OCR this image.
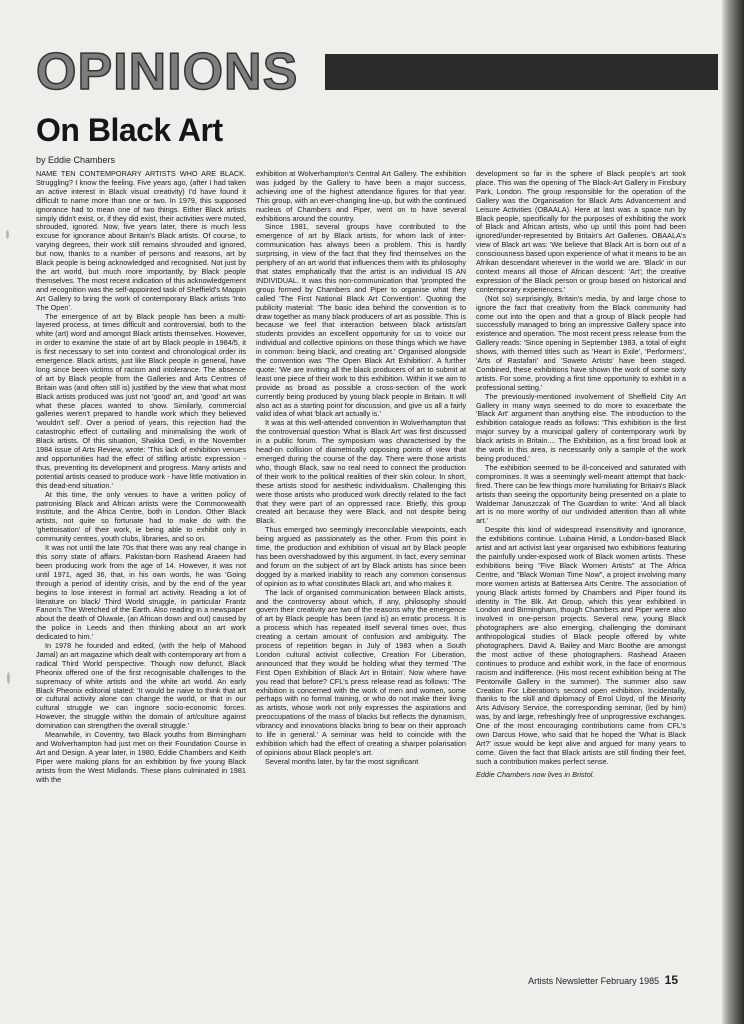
OPINIONS
On Black Art
by Eddie Chambers

NAME TEN CONTEMPORARY ARTISTS WHO ARE BLACK. Struggling? I know the feeling. Five years ago, (after I had taken an active interest in Black visual creativity) I'd have found it difficult to name more than one or two. In 1979, this supposed ignorance had to mean one of two things. Either Black artists simply didn't exist, or, if they did exist, their activities were muted, shrouded, ignored. Now, five years later, there is much less excuse for ignorance about Britain's Black artists. Of course, to varying degrees, their work still remains shrouded and ignored, but now, thanks to a number of persons and reasons, art by Black people is being acknowledged and recognised. Not just by the art world, but much more importantly, by Black people themselves. The most recent indication of this acknowledgement and recognition was the self-appointed task of Sheffield's Mappin Art Gallery to bring the work of contemporary Black artists 'Into The Open'.

The emergence of art by Black people has been a multi-layered process, at times difficult and controversial, both to the white (art) word and amongst Black artists themselves. However, in order to examine the state of art by Black people in 1984/5, it is first necessary to set into context and chronological order its emergence. Black artists, just like Black people in general, have long since been victims of racism and intolerance. The absence of art by Black people from the Galleries and Arts Centres of Britain was (and often still is) justified by the view that what most Black artists produced was just not 'good' art, and 'good' art was what these places wanted to show. Similarly, commercial galleries weren't prepared to handle work which they believed 'wouldn't sell'. Over a period of years, this rejection had the catastrophic effect of curtailing and minimalising the work of Black artists. Of this situation, Shakka Dedi, in the November 1984 issue of Arts Review, wrote: 'This lack of exhibition venues and opportunities had the effect of stifling artistic expression - thus, preventing its development and progress. Many artists and potential artists ceased to produce work - have little motivation in this dead-end situation.'

At this time, the only venues to have a written policy of patronising Black and African artists were the Commonwealth Institute, and the Africa Centre, both in London. Other Black artists, not quite so fortunate had to make do with the 'ghettoisation' of their work, ie being able to exhibit only in community centres, youth clubs, libraries, and so on.

It was not until the late 70s that there was any real change in this sorry state of affairs. Pakistan-born Rashead Araeen had been producing work from the age of 14. However, it was not until 1971, aged 36, that, in his own words, he was 'Going through a period of identity crisis, and by the end of the year begins to lose interest in formal art activity. Reading a lot of literature on black/ Third World struggle, in particular Frantz Fanon's The Wretched of the Earth. Also reading in a newspaper about the death of Oluwale, (an African down and out) caused by the police in Leeds and then thinking about an art work dedicated to him.'

In 1978 he founded and edited, (with the help of Mahood Jamal) an art magazine which dealt with contemporary art from a radical Third World perspective. Though now defunct, Black Pheonix offered one of the first recognisable challenges to the supremacy of white artists and the white art world. An early Black Pheonix editorial stated: 'It would be naive to think that art or cultural activity alone can change the world, or that in our cultural struggle we can ingnore socio-economic forces. However, the struggle within the domain of art/culture against domination can strengthen the overall struggle.'

Meanwhile, in Coventry, two Black youths from Birmingham and Wolverhampton had just met on their Foundation Course in Art and Design. A year later, in 1980, Eddie Chambers and Keith Piper were making plans for an exhibition by five young Black artists from the West Midlands. These plans culminated in 1981 with the

exhibition at Wolverhampton's Central Art Gallery. The exhibition was judged by the Gallery to have been a major success, achieving one of the highest attendance figures for that year. This group, with an ever-changing line-up, but with the continued nucleus of Chambers and Piper, went on to have several exhibitions around the country.

Since 1981, several groups have contributed to the emergence of art by Black artists, for whom lack of inter-communication has always been a problem. This is hardly surprising, in view of the fact that they find themselves on the periphery of an art world that influences them with its philosophy that states emphatically that the artist is an individual IS AN INDIVIDUAL. It was this non-communication that 'prompted the group formed by Chambers and Piper to organise what they called 'The First National Black Art Convention'. Quoting the publicity material: 'The basic idea behind the convention is to draw together as many black producers of art as possible. This is because we feel that interaction between black artists/art students provides an excellent opportunity for us to voice our individual and collective opinions on those things which we have in common: being black, and creating art.' Organised alongside the convention was 'The Open Black Art Exhibition'. A further quote: 'We are inviting all the black producers of art to submit at least one piece of their work to this exhibition. Within it we aim to provide as broad as possible a cross-section of the work currently being produced by young black people in Britain. It will also act as a starting point for discussion, and give us all a fairly valid idea of what 'black art actually is.'

It was at this well-attended convention in Wolverhampton that the controversial question 'What is Black Art' was first discussed in a public forum. The symposium was characterised by the head-on collision of diametrically opposing points of view that emerged during the course of the day. There were those artists who, though Black, saw no real need to connect the production of their work to the political realities of their skin colour. In short, these artists stood for aesthetic individualism. Challenging this were those artists who produced work directly related to the fact that they were part of an oppressed race. Briefly, this group created art because they were Black, and not despite being Black.

Thus emerged two seemingly irreconcilable viewpoints, each being argued as passionately as the other. From this point in time, the production and exhibition of visual art by Black people has been overshadowed by this argument. In fact, every seminar and forum on the subject of art by Black artists has since been dogged by a marked inability to reach any common consensus of opinion as to what constitutes Black art, and who makes it.

The lack of organised communication between Black artists, and the controversy about which, if any, philosophy should govern their creativity are two of the reasons why the emergence of art by Black people has been (and is) an erratic process. It is a process which has repeated itself several times over, thus creating a certain amount of confusion and ambiguity. The process of repetition began in July of 1983 when a South London cultural activist collective, Creation For Liberation, announced that they would be holding what they termed 'The First Open Exhibition of Black Art in Britain'. Now where have you read that before? CFL's press release read as follows: 'The exhibition is concerned with the work of men and women, some perhaps with no formal training, or who do not make their living as artists, whose work not only expresses the aspirations and preoccupations of the mass of blacks but reflects the dynamism, vibrancy and innovations blacks bring to bear on their approach to life in general.' A seminar was held to coincide with the exhibition which had the effect of creating a sharper polarisation of opinions about Black people's art.

Several months later, by far the most significant

development so far in the sphere of Black people's art took place. This was the opening of The Black-Art Gallery in Finsbury Park, London. The group responsible for the operation of the Gallery was the Organisation for Black Arts Advancement and Leisure Activities (OBAALA). Here at last was a space run by Black people, specifically for the purposes of exhibiting the work of Black and African artists, who up until this point had been ignored/under-represented by Britain's Art Galleries. OBAALA's view of Black art was: 'We believe that Black Art is born out of a consciousness based upon experience of what it means to be an Afrikan descendant wherever in the world we are. 'Black' in our context means all those of African descent: 'Art'; the creative expression of the Black person or group based on historical and contemporary experiences.'

(Not so) surprisingly, Britain's media, by and large chose to ignore the fact that creativity from the Black community had come out into the open and that a group of Black people had successfully managed to bring an impressive Gallery space into existence and operation. The most recent press release from the Gallery reads: 'Since opening in September 1983, a total of eight shows, with themed titles such as 'Heart in Exile', 'Performers', 'Arts of Rastafari' and 'Soweto Artists' have been staged. Combined, these exhibitions have shown the work of some sixty artists. For some, providing a first time opportunity to exhibit in a professional setting.'

The previously-mentioned involvement of Sheffield City Art Gallery in many ways seemed to do more to exacerbate the 'Black Art' argument than anything else. The introduction to the exhibition catalogue reads as follows: 'This exhibition is the first major survey by a municipal gallery of contemporary work by black artists in Britain.... The Exhibition, as a first broad look at the work in this area, is necessarily only a sample of the work being produced.'

The exhibition seemed to be ill-conceived and saturated with compromises. It was a seemingly well-meant attempt that back-fired. There can be few things more humiliating for Britain's Black artists than seeing the opportunity being presented on a plate to Waldemar Januszczak of The Guardian to write: 'And all black art is no more worthy of our undivided attention than all white art.'

Despite this kind of widespread insensitivity and ignorance, the exhibitions continue. Lubaina Himid, a London-based Black artist and art activist last year organised two exhibitions featuring the painfully under-exposed work of Black women artists. These exhibitions being "Five Black Women Artists" at The Africa Centre, and "Black Woman Time Now", a project involving many more women artists at Battersea Arts Centre. The association of young Black artists formed by Chambers and Piper found its identity in The Blk. Art Group, which this year exhibited in London and Birmingham, though Chambers and Piper were also involved in one-person projects. Several new, young Black photographers are also emerging, challenging the dominant anthropological studies of Black people offered by white photographers. David A. Bailey and Marc Boothe are amongst the most active of these photographers. Rashead Araeen continues to produce and exhibit work, in the face of enormous racism and indifference. (His most recent exhibition being at The Pentonville Gallery in the summer). The summer also saw Creation For Liberation's second open exhibition. Incidentally, thanks to the skill and diplomacy of Errol Lloyd, of the Minority Arts Advisory Service, the corresponding seminar, (led by him) was, by and large, refreshingly free of unprogressive exchanges. One of the most encouraging contributions came from CFL's own Darcus Howe, who said that he hoped the 'What is Black Art?' issue would be kept alive and argued for many years to come. Given the fact that Black artists are still finding their feet, such a contribution makes perfect sense.

Eddie Chambers now lives in Bristol.

Artists Newsletter February 1985 15
